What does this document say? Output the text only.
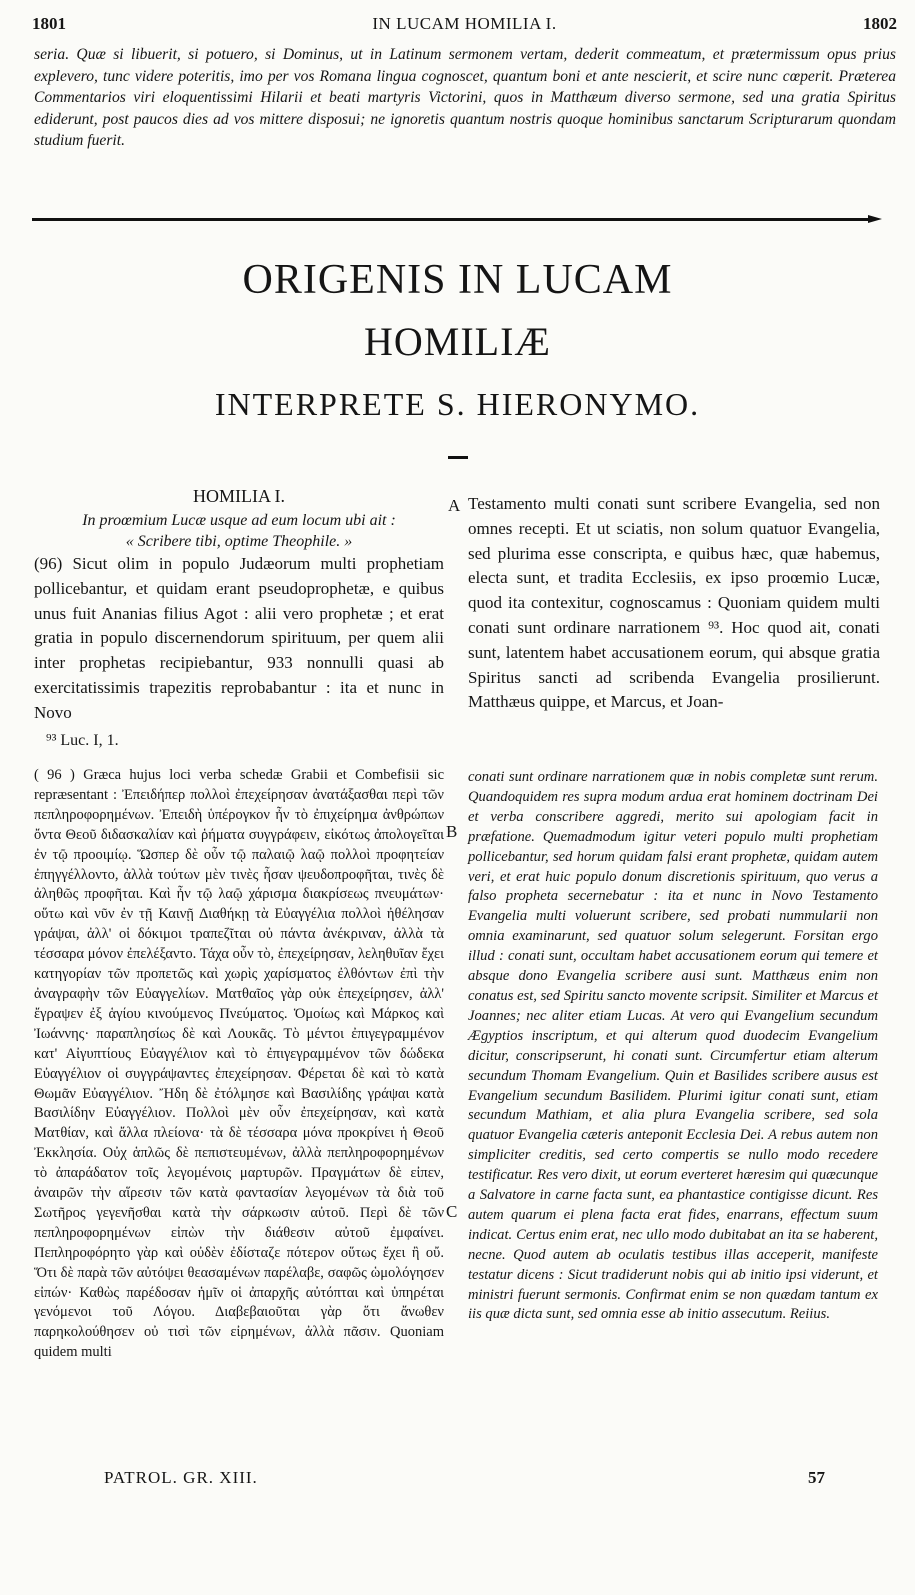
1801	IN LUCAM HOMILIA I.	1802
seria. Quæ si libuerit, si potuero, si Dominus, ut in Latinum sermonem vertam, dederit commeatum, et prætermissum opus prius explevero, tunc videre poteritis, imo per vos Romana lingua cognoscet, quantum boni et ante nescierit, et scire nunc cœperit. Præterea Commentarios viri eloquentissimi Hilarii et beati martyris Victorini, quos in Matthæum diverso sermone, sed una gratia Spiritus ediderunt, post paucos dies ad vos mittere disposui; ne ignoretis quantum nostris quoque hominibus sanctarum Scripturarum quondam studium fuerit.
ORIGENIS IN LUCAM
HOMILIÆ
INTERPRETE S. HIERONYMO.
HOMILIA I.
In proœmium Lucæ usque ad eum locum ubi ait :
« Scribere tibi, optime Theophile. »
(96) Sicut olim in populo Judæorum multi prophetiam pollicebantur, et quidam erant pseudoprophetæ, e quibus unus fuit Ananias filius Agot : alii vero prophetæ ; et erat gratia in populo discernendorum spirituum, per quem alii inter prophetas recipiebantur, 933 nonnulli quasi ab exercitatissimis trapezitis reprobabantur : ita et nunc in Novo
⁹³ Luc. I, 1.
A Testamento multi conati sunt scribere Evangelia, sed non omnes recepti. Et ut sciatis, non solum quatuor Evangelia, sed plurima esse conscripta, e quibus hæc, quæ habemus, electa sunt, et tradita Ecclesiis, ex ipso proœmio Lucæ, quod ita contexitur, cognoscamus : Quoniam quidem multi conati sunt ordinare narrationem ⁹³. Hoc quod ait, conati sunt, latentem habet accusationem eorum, qui absque gratia Spiritus sancti ad scribenda Evangelia prosilierunt. Matthæus quippe, et Marcus, et Joan-
( 96 ) Græca hujus loci verba schedæ Grabii et Combefisii sic repræsentant : Ἐπειδήπερ πολλοὶ ἐπεχείρησαν ἀνατάξασθαι περὶ τῶν πεπληροφορημένων. Ἐπειδὴ ὑπέρογκον ἦν τὸ ἐπιχείρημα ἀνθρώπων ὄντα Θεοῦ διδασκαλίαν καὶ ῥήματα συγγράφειν, εἰκότως ἀπολογεῖται ἐν τῷ προοιμίῳ. Ὥσπερ δὲ οὖν τῷ παλαιῷ λαῷ πολλοὶ προφητείαν ἐπηγγέλλοντο, ἀλλὰ τούτων μὲν τινὲς ἦσαν ψευδοπροφῆται, τινὲς δὲ ἀληθῶς προφῆται. Καὶ ἦν τῷ λαῷ χάρισμα διακρίσεως πνευμάτων· οὕτω καὶ νῦν ἐν τῇ Καινῇ Διαθήκῃ τὰ Εὐαγγέλια πολλοὶ ἠθέλησαν γράψαι, ἀλλ' οἱ δόκιμοι τραπεζῖται οὐ πάντα ἀνέκριναν, ἀλλὰ τὰ τέσσαρα μόνον ἐπελέξαντο. Τάχα οὖν τὸ, ἐπεχείρησαν, λεληθυῖαν ἔχει κατηγορίαν τῶν προπετῶς καὶ χωρὶς χαρίσματος ἐλθόντων ἐπὶ τὴν ἀναγραφὴν τῶν Εὐαγγελίων. Ματθαῖος γὰρ οὐκ ἐπεχείρησεν, ἀλλ' ἔγραψεν ἐξ ἁγίου κινούμενος Πνεύματος. Ὁμοίως καὶ Μάρκος καὶ Ἰωάννης· παραπλησίως δὲ καὶ Λουκᾶς. Τὸ μέντοι ἐπιγεγραμμένον κατ' Αἰγυπτίους Εὐαγγέλιον καὶ τὸ ἐπιγεγραμμένον τῶν δώδεκα Εὐαγγέλιον οἱ συγγράψαντες ἐπεχείρησαν. Φέρεται δὲ καὶ τὸ κατὰ Θωμᾶν Εὐαγγέλιον. Ἤδη δὲ ἐτόλμησε καὶ Βασιλίδης γράψαι κατὰ Βασιλίδην Εὐαγγέλιον. Πολλοὶ μὲν οὖν ἐπεχείρησαν, καὶ κατὰ Ματθίαν, καὶ ἄλλα πλείονα· τὰ δὲ τέσσαρα μόνα προκρίνει ἡ Θεοῦ Ἐκκλησία. Οὐχ ἁπλῶς δὲ πεπιστευμένων, ἀλλὰ πεπληροφορημένων τὸ ἀπαράδατον τοῖς λεγομένοις μαρτυρῶν. Πραγμάτων δὲ εἰπεν, ἀναιρῶν τὴν αἵρεσιν τῶν κατὰ φαντασίαν λεγομένων τὰ διὰ τοῦ Σωτῆρος γεγενῆσθαι κατὰ τὴν σάρκωσιν αὐτοῦ. Περὶ δὲ τῶν πεπληροφορημένων εἰπὼν τὴν διάθεσιν αὐτοῦ ἐμφαίνει. Πεπληροφόρητο γὰρ καὶ οὐδὲν ἐδίσταζε πότερον οὕτως ἔχει ἢ οὔ. Ὅτι δὲ παρὰ τῶν αὐτόψει θεασαμένων παρέλαβε, σαφῶς ὡμολόγησεν εἰπών· Καθὼς παρέδοσαν ἡμῖν οἱ ἀπαρχῆς αὐτόπται καὶ ὑπηρέται γενόμενοι τοῦ Λόγου. Διαβεβαιοῦται γὰρ ὅτι ἄνωθεν παρηκολούθησεν οὐ τισὶ τῶν εἰρημένων, ἀλλὰ πᾶσιν. Quoniam quidem multi
B
C
conati sunt ordinare narrationem quæ in nobis completæ sunt rerum. Quandoquidem res supra modum ardua erat hominem doctrinam Dei et verba conscribere aggredi, merito sui apologiam facit in præfatione. Quemadmodum igitur veteri populo multi prophetiam pollicebantur, sed horum quidam falsi erant prophetæ, quidam autem veri, et erat huic populo donum discretionis spirituum, quo verus a falso propheta secernebatur : ita et nunc in Novo Testamento Evangelia multi voluerunt scribere, sed probati nummularii non omnia examinarunt, sed quatuor solum selegerunt. Forsitan ergo illud : conati sunt, occultam habet accusationem eorum qui temere et absque dono Evangelia scribere ausi sunt. Matthæus enim non conatus est, sed Spiritu sancto movente scripsit. Similiter et Marcus et Joannes; nec aliter etiam Lucas. At vero qui Evangelium secundum Ægyptios inscriptum, et qui alterum quod duodecim Evangelium dicitur, conscripserunt, hi conati sunt. Circumfertur etiam alterum secundum Thomam Evangelium. Quin et Basilides scribere ausus est Evangelium secundum Basilidem. Plurimi igitur conati sunt, etiam secundum Mathiam, et alia plura Evangelia scribere, sed sola quatuor Evangelia cæteris anteponit Ecclesia Dei. A rebus autem non simpliciter creditis, sed certo compertis se nullo modo recedere testificatur. Res vero dixit, ut eorum everteret hæresim qui quæcunque a Salvatore in carne facta sunt, ea phantastice contigisse dicunt. Res autem quarum ei plena facta erat fides, enarrans, effectum suum indicat. Certus enim erat, nec ullo modo dubitabat an ita se haberent, necne. Quod autem ab oculatis testibus illas acceperit, manifeste testatur dicens : Sicut tradiderunt nobis qui ab initio ipsi viderunt, et ministri fuerunt sermonis. Confirmat enim se non quædam tantum ex iis quæ dicta sunt, sed omnia esse ab initio assecutum. Reiius.
PATROL. GR. XIII.	57
